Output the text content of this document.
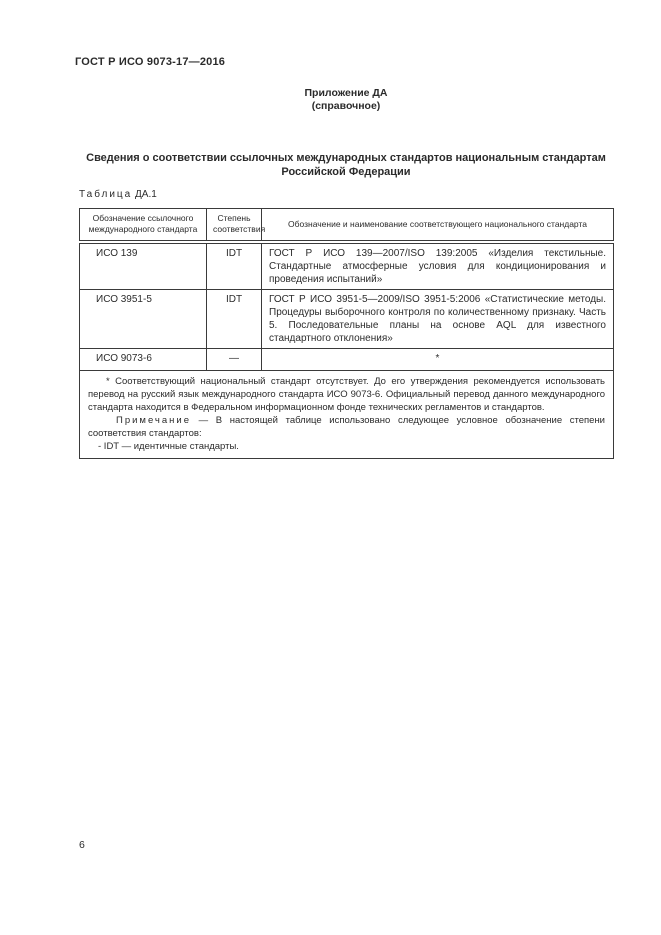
ГОСТ Р ИСО 9073-17—2016
Приложение ДА
(справочное)
Сведения о соответствии ссылочных международных стандартов национальным стандартам Российской Федерации
Таблица ДА.1
Обозначение ссылочного международного стандарта	Степень соответствия	Обозначение и наименование соответствующего национального стандарта
ИСО 139	IDT	ГОСТ Р ИСО 139—2007/ISO 139:2005 «Изделия текстильные. Стандартные атмосферные условия для кондиционирования и проведения испытаний»
ИСО 3951-5	IDT	ГОСТ Р ИСО 3951-5—2009/ISO 3951-5:2006 «Статистические методы. Процедуры выборочного контроля по количественному признаку. Часть 5. Последовательные планы на основе AQL для известного стандартного отклонения»
ИСО 9073-6	—	*

* Соответствующий национальный стандарт отсутствует. До его утверждения рекомендуется использовать перевод на русский язык международного стандарта ИСО 9073-6. Официальный перевод данного международного стандарта находится в Федеральном информационном фонде технических регламентов и стандартов.
Примечание — В настоящей таблице использовано следующее условное обозначение степени соответствия стандартов:
- IDT — идентичные стандарты.		
6
